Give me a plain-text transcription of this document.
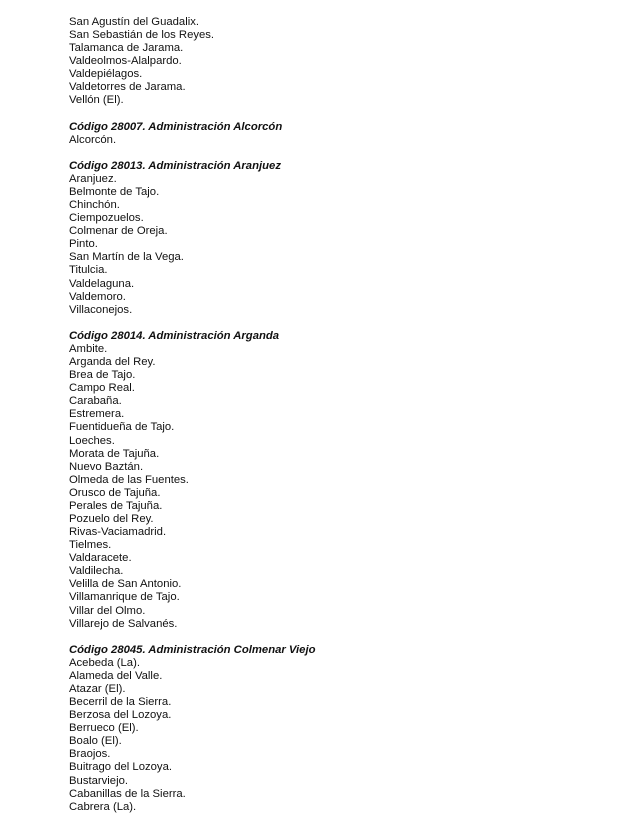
San Agustín del Guadalix.
San Sebastián de los Reyes.
Talamanca de Jarama.
Valdeolmos-Alalpardo.
Valdepiélagos.
Valdetorres de Jarama.
Vellón (El).
Código 28007. Administración Alcorcón
Alcorcón.
Código 28013. Administración Aranjuez
Aranjuez.
Belmonte de Tajo.
Chinchón.
Ciempozuelos.
Colmenar de Oreja.
Pinto.
San Martín de la Vega.
Titulcia.
Valdelaguna.
Valdemoro.
Villaconejos.
Código 28014. Administración Arganda
Ambite.
Arganda del Rey.
Brea de Tajo.
Campo Real.
Carabaña.
Estremera.
Fuentidueña de Tajo.
Loeches.
Morata de Tajuña.
Nuevo Baztán.
Olmeda de las Fuentes.
Orusco de Tajuña.
Perales de Tajuña.
Pozuelo del Rey.
Rivas-Vaciamadrid.
Tielmes.
Valdaracete.
Valdilecha.
Velilla de San Antonio.
Villamanrique de Tajo.
Villar del Olmo.
Villarejo de Salvanés.
Código 28045. Administración Colmenar Viejo
Acebeda (La).
Alameda del Valle.
Atazar (El).
Becerril de la Sierra.
Berzosa del Lozoya.
Berrueco (El).
Boalo (El).
Braojos.
Buitrago del Lozoya.
Bustarviejo.
Cabanillas de la Sierra.
Cabrera (La).
